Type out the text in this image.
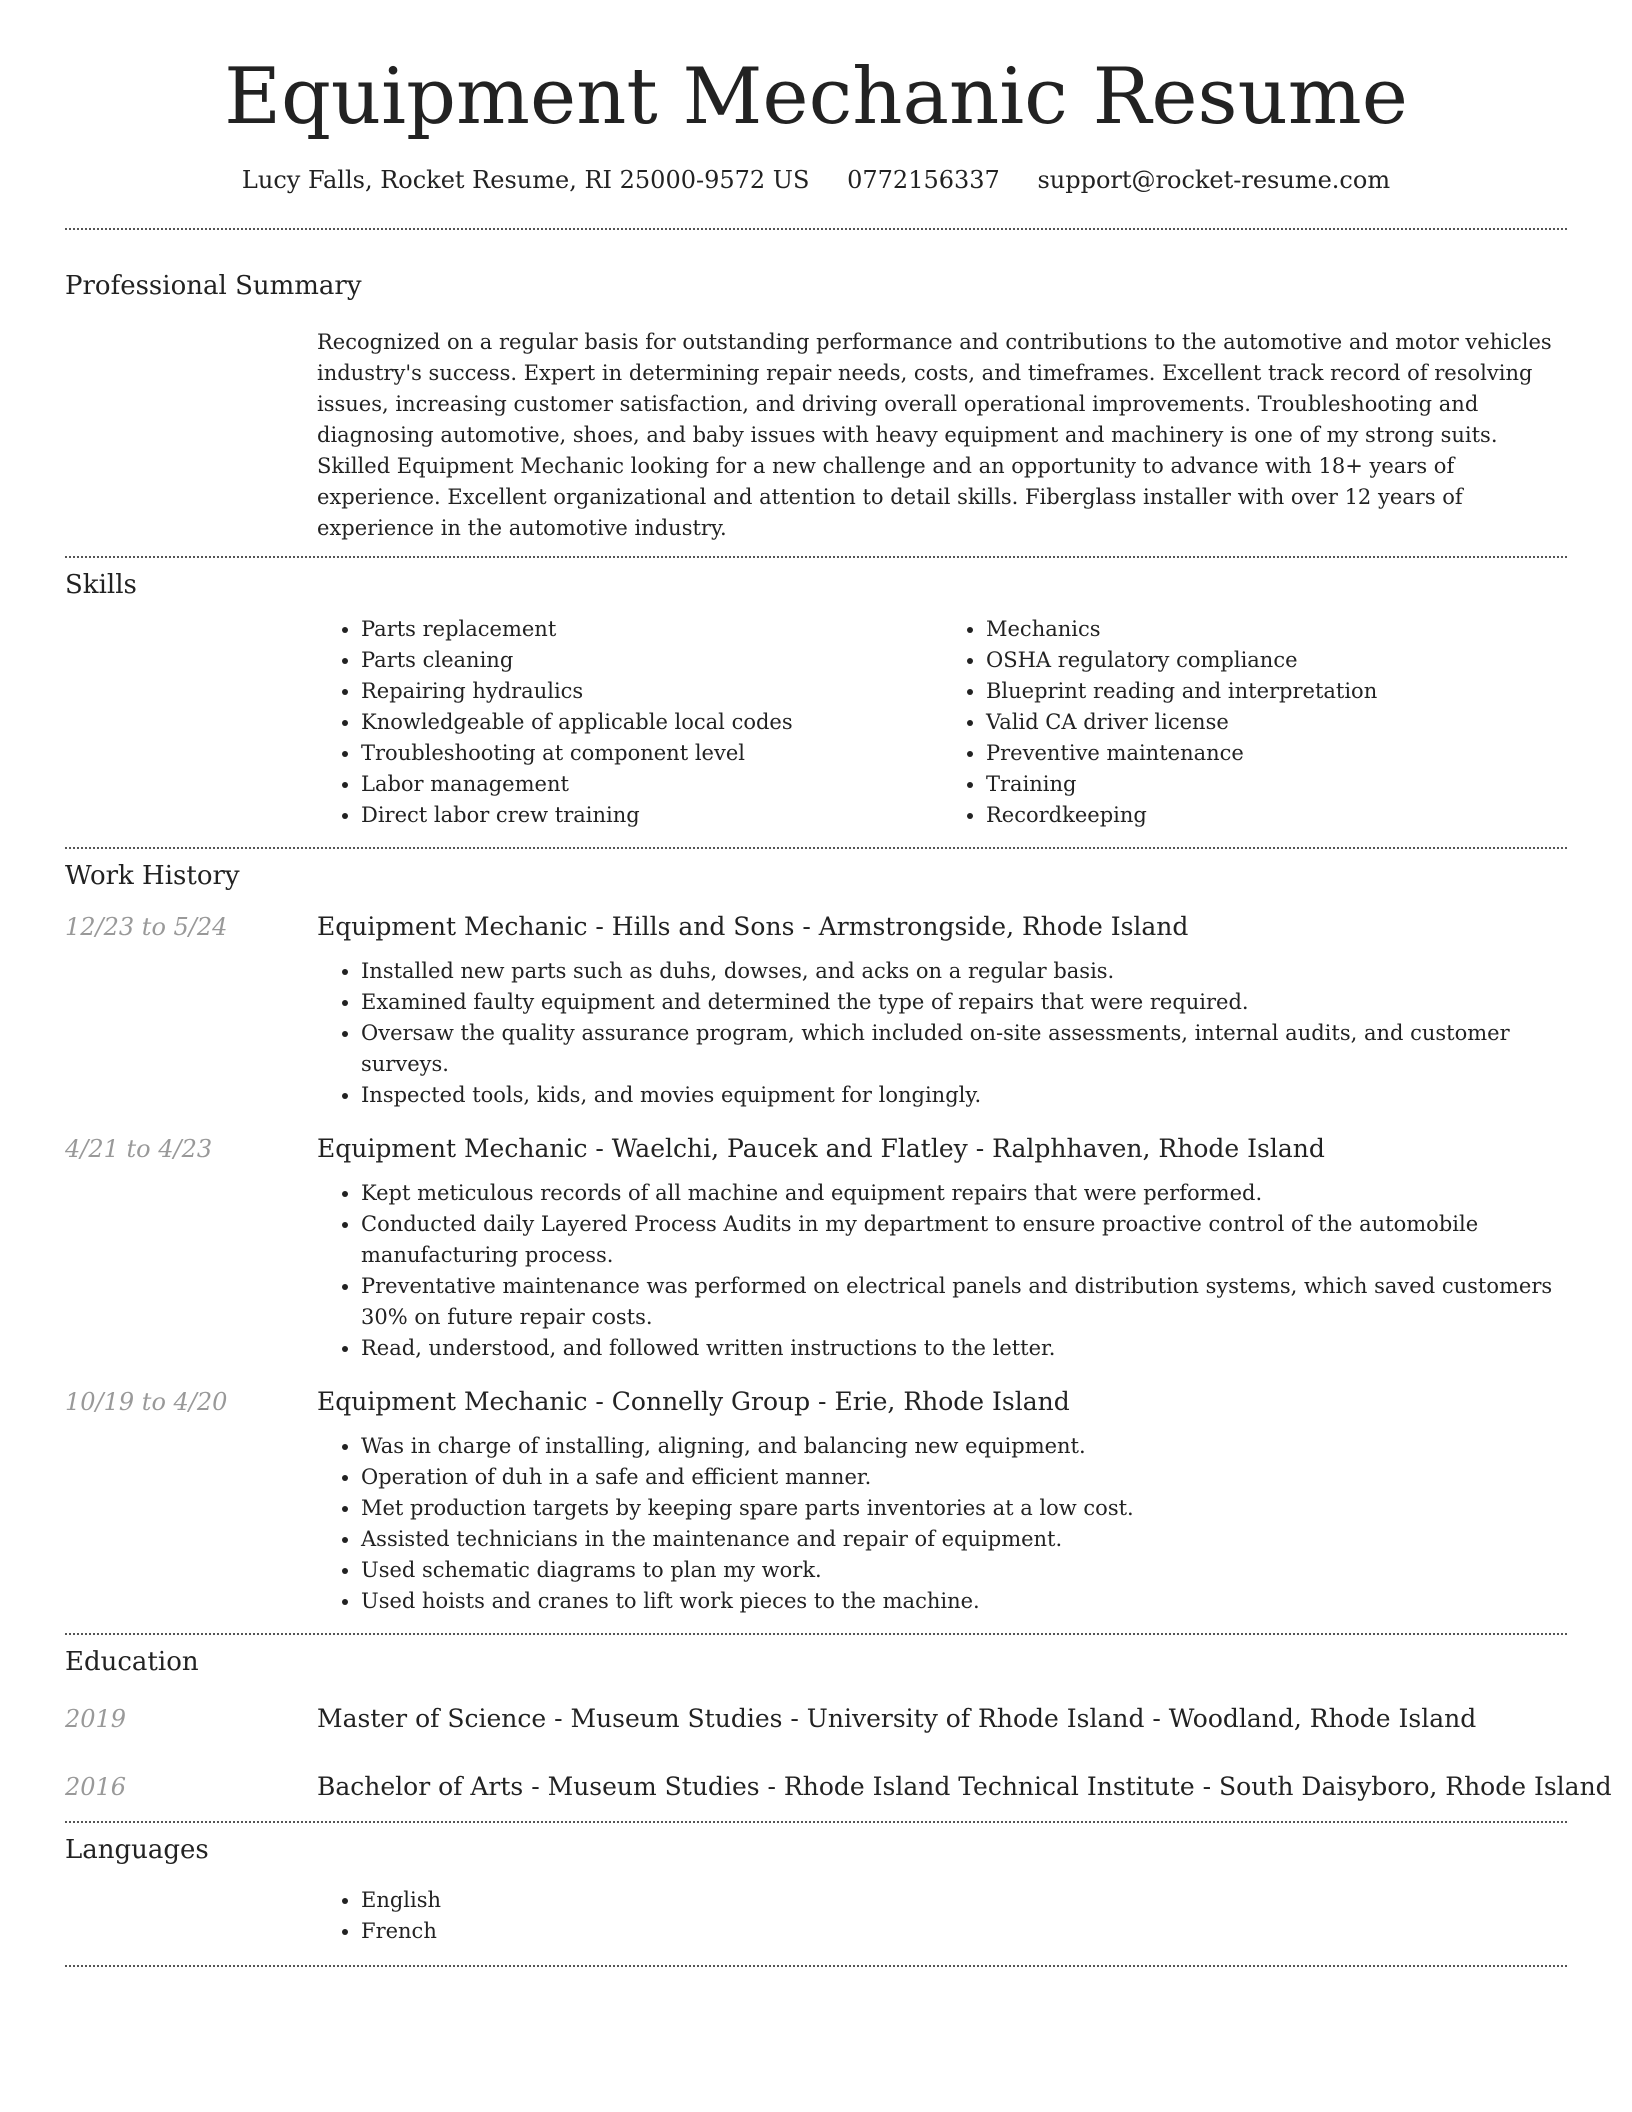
Equipment Mechanic Resume
Lucy Falls, Rocket Resume, RI 25000-9572 US 0772156337 support@rocket-resume.com
Professional Summary
Recognized on a regular basis for outstanding performance and contributions to the automotive and motor vehicles industry's success. Expert in determining repair needs, costs, and timeframes. Excellent track record of resolving issues, increasing customer satisfaction, and driving overall operational improvements. Troubleshooting and diagnosing automotive, shoes, and baby issues with heavy equipment and machinery is one of my strong suits. Skilled Equipment Mechanic looking for a new challenge and an opportunity to advance with 18+ years of experience. Excellent organizational and attention to detail skills. Fiberglass installer with over 12 years of experience in the automotive industry.
Skills
• Parts replacement
• Parts cleaning
• Repairing hydraulics
• Knowledgeable of applicable local codes
• Troubleshooting at component level
• Labor management
• Direct labor crew training
• Mechanics
• OSHA regulatory compliance
• Blueprint reading and interpretation
• Valid CA driver license
• Preventive maintenance
• Training
• Recordkeeping
Work History
12/23 to 5/24	Equipment Mechanic - Hills and Sons - Armstrongside, Rhode Island
• Installed new parts such as duhs, dowses, and acks on a regular basis.
• Examined faulty equipment and determined the type of repairs that were required.
• Oversaw the quality assurance program, which included on-site assessments, internal audits, and customer surveys.
• Inspected tools, kids, and movies equipment for longingly.
4/21 to 4/23	Equipment Mechanic - Waelchi, Paucek and Flatley - Ralphhaven, Rhode Island
• Kept meticulous records of all machine and equipment repairs that were performed.
• Conducted daily Layered Process Audits in my department to ensure proactive control of the automobile manufacturing process.
• Preventative maintenance was performed on electrical panels and distribution systems, which saved customers 30% on future repair costs.
• Read, understood, and followed written instructions to the letter.
10/19 to 4/20	Equipment Mechanic - Connelly Group - Erie, Rhode Island
• Was in charge of installing, aligning, and balancing new equipment.
• Operation of duh in a safe and efficient manner.
• Met production targets by keeping spare parts inventories at a low cost.
• Assisted technicians in the maintenance and repair of equipment.
• Used schematic diagrams to plan my work.
• Used hoists and cranes to lift work pieces to the machine.
Education
2019	Master of Science - Museum Studies - University of Rhode Island - Woodland, Rhode Island
2016	Bachelor of Arts - Museum Studies - Rhode Island Technical Institute - South Daisyboro, Rhode Island
Languages
• English
• French
